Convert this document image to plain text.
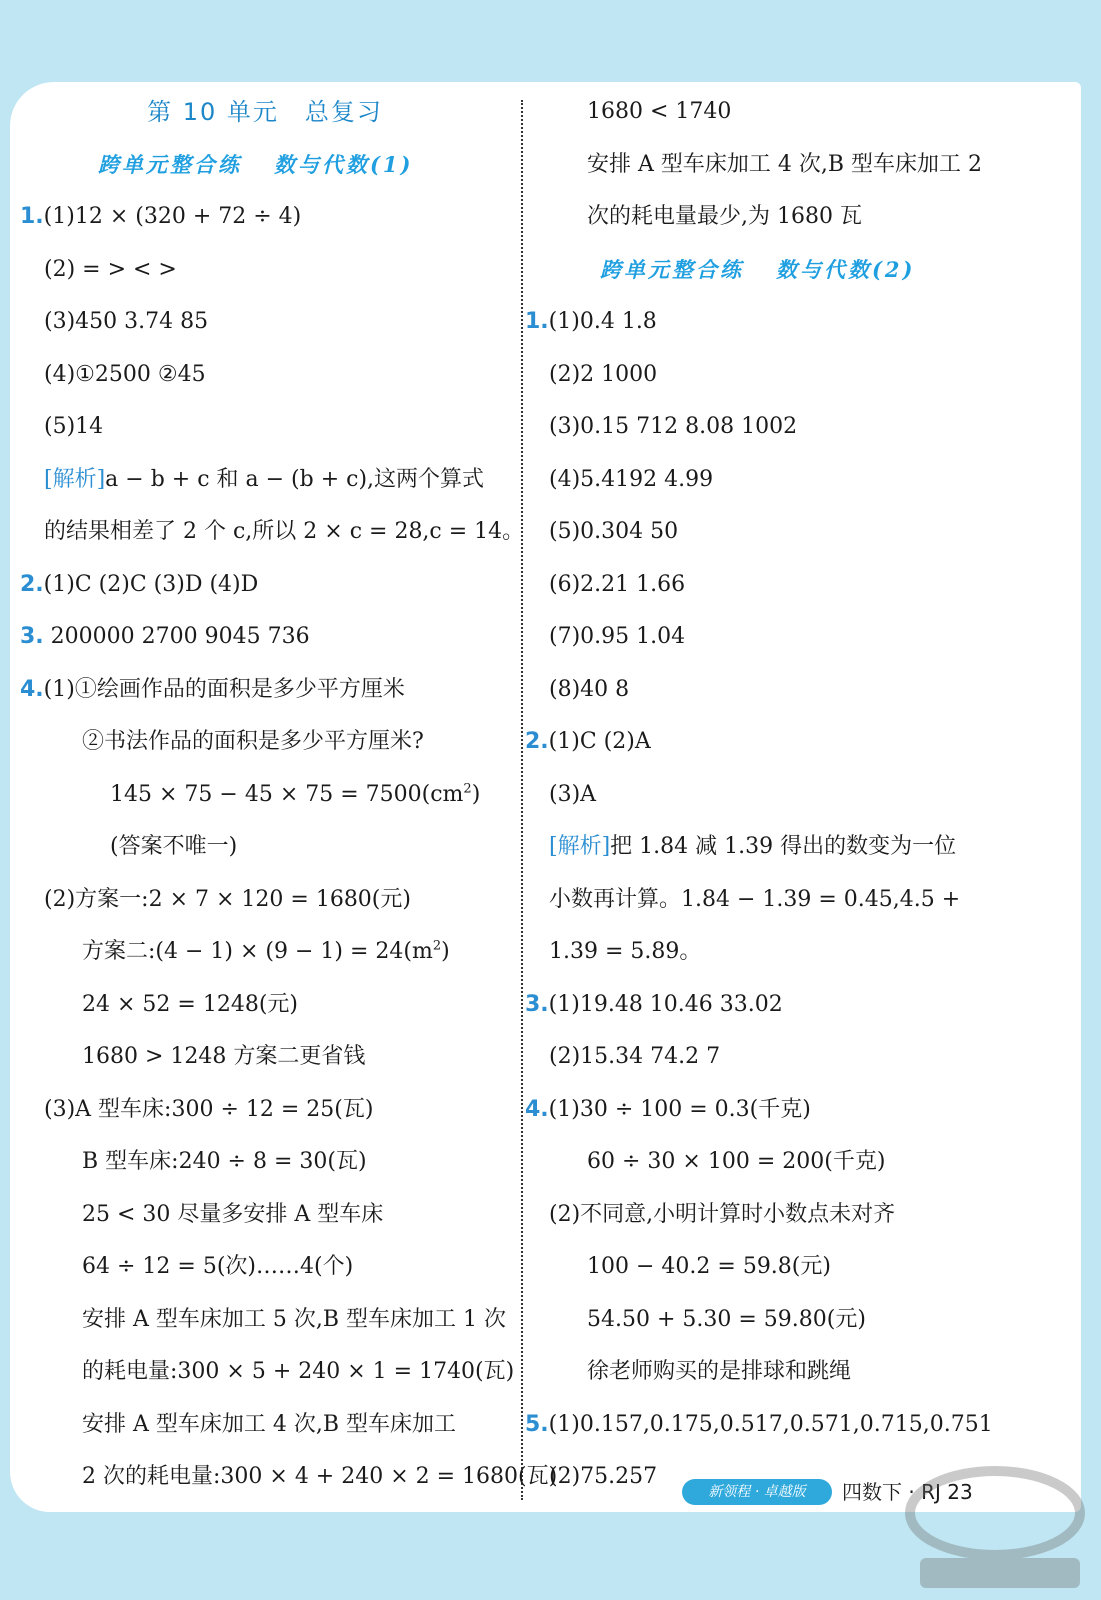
第 10 单元 总复习
跨单元整合练 数与代数(1)
1.(1)12 × (320 + 72 ÷ 4)
(2) = > < >
(3)450 3.74 85
(4)①2500 ②45
(5)14
[解析]a − b + c 和 a − (b + c),这两个算式
的结果相差了 2 个 c,所以 2 × c = 28,c = 14。
2.(1)C (2)C (3)D (4)D
3. 200000 2700 9045 736
4.(1)①绘画作品的面积是多少平方厘米
②书法作品的面积是多少平方厘米?
$145 \times 75 - 45 \times 75 = 7500(cm^2)$
(答案不唯一)
(2)方案一:2 × 7 × 120 = 1680(元)
方案二:(4 − $1) \times (9 - 1) = 24(m^2)$
24 × 52 = 1248(元)
1680 > 1248 方案二更省钱
(3)A 型车床:300 ÷ 12 = 25(瓦)
B 型车床:240 ÷ 8 = 30(瓦)
25 < 30 尽量多安排 A 型车床
64 ÷ 12 = 5(次)……4(个)
安排 A 型车床加工 5 次,B 型车床加工 1 次
的耗电量:300 × 5 + 240 × 1 = 1740(瓦)
安排 A 型车床加工 4 次,B 型车床加工
2 次的耗电量:300 × 4 + 240 × 2 = 1680(瓦)
1680 < 1740
安排 A 型车床加工 4 次,B 型车床加工 2
次的耗电量最少,为 1680 瓦
跨单元整合练 数与代数(2)
1.(1)0.4 1.8
(2)2 1000
(3)0.15 712 8.08 1002
(4)5.4192 4.99
(5)0.304 50
(6)2.21 1.66
(7)0.95 1.04
(8)40 8
2.(1)C (2)A
(3)A
[解析]把 1.84 减 1.39 得出的数变为一位
小数再计算。1.84 − 1.39 = 0.45,4.5 +
1.39 = 5.89。
3.(1)19.48 10.46 33.02
(2)15.34 74.2 7
4.(1)30 ÷ 100 = 0.3(千克)
60 ÷ 30 × 100 = 200(千克)
(2)不同意,小明计算时小数点未对齐
100 − 40.2 = 59.8(元)
54.50 + 5.30 = 59.80(元)
徐老师购买的是排球和跳绳
5.(1)0.157,0.175,0.517,0.571,0.715,0.751
(2)75.257
新领程 · 卓越版	四数下 · RJ 23
